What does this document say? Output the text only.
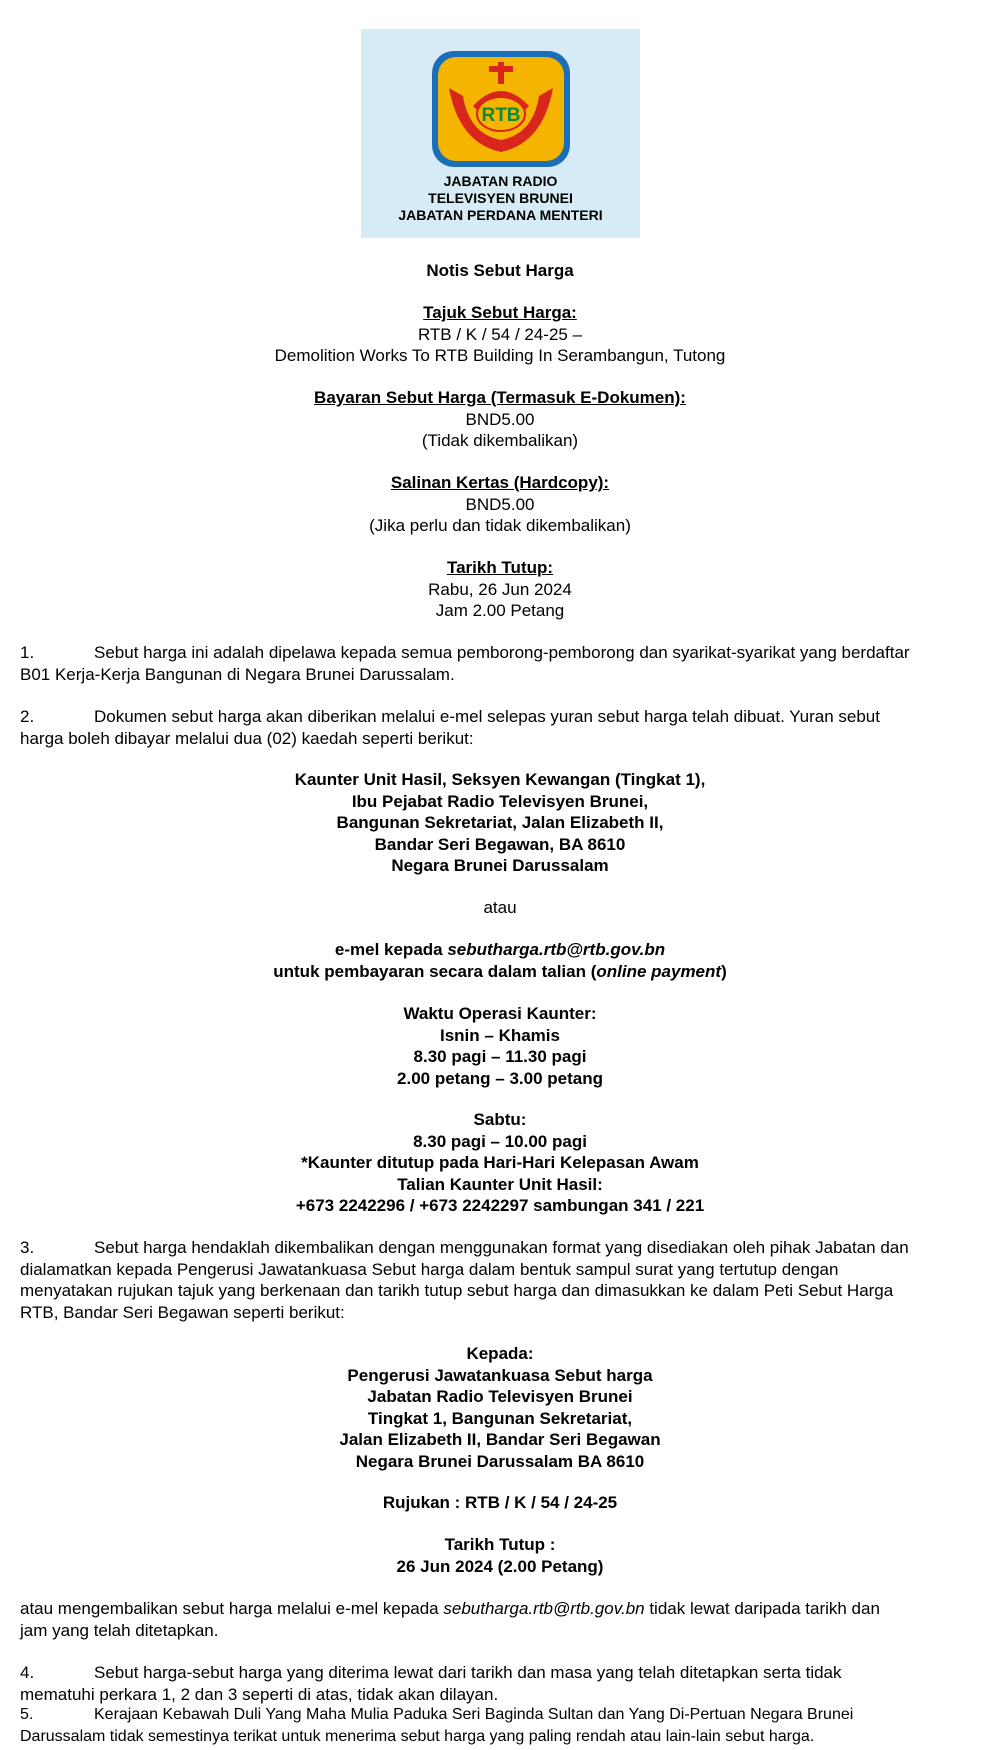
RTB
JABATAN RADIO
TELEVISYEN BRUNEI
JABATAN PERDANA MENTERI
Notis Sebut Harga
Tajuk Sebut Harga:
RTB / K / 54 / 24-25 –
Demolition Works To RTB Building In Serambangun, Tutong
Bayaran Sebut Harga (Termasuk E-Dokumen):
BND5.00
(Tidak dikembalikan)
Salinan Kertas (Hardcopy):
BND5.00
(Jika perlu dan tidak dikembalikan)
Tarikh Tutup:
Rabu, 26 Jun 2024
Jam 2.00 Petang
1.	Sebut harga ini adalah dipelawa kepada semua pemborong-pemborong dan syarikat-syarikat yang berdaftar
B01 Kerja-Kerja Bangunan di Negara Brunei Darussalam.
2.	Dokumen sebut harga akan diberikan melalui e-mel selepas yuran sebut harga telah dibuat. Yuran sebut
harga boleh dibayar melalui dua (02) kaedah seperti berikut:
Kaunter Unit Hasil, Seksyen Kewangan (Tingkat 1),
Ibu Pejabat Radio Televisyen Brunei,
Bangunan Sekretariat, Jalan Elizabeth II,
Bandar Seri Begawan, BA 8610
Negara Brunei Darussalam
atau
e-mel kepada sebutharga.rtb@rtb.gov.bn
untuk pembayaran secara dalam talian (online payment)
Waktu Operasi Kaunter:
Isnin – Khamis
8.30 pagi – 11.30 pagi
2.00 petang – 3.00 petang
Sabtu:
8.30 pagi – 10.00 pagi
*Kaunter ditutup pada Hari-Hari Kelepasan Awam
Talian Kaunter Unit Hasil:
+673 2242296 / +673 2242297 sambungan 341 / 221
3.	Sebut harga hendaklah dikembalikan dengan menggunakan format yang disediakan oleh pihak Jabatan dan
dialamatkan kepada Pengerusi Jawatankuasa Sebut harga dalam bentuk sampul surat yang tertutup dengan
menyatakan rujukan tajuk yang berkenaan dan tarikh tutup sebut harga dan dimasukkan ke dalam Peti Sebut Harga
RTB, Bandar Seri Begawan seperti berikut:
Kepada:
Pengerusi Jawatankuasa Sebut harga
Jabatan Radio Televisyen Brunei
Tingkat 1, Bangunan Sekretariat,
Jalan Elizabeth II, Bandar Seri Begawan
Negara Brunei Darussalam BA 8610
Rujukan : RTB / K / 54 / 24-25
Tarikh Tutup :
26 Jun 2024 (2.00 Petang)
atau mengembalikan sebut harga melalui e-mel kepada sebutharga.rtb@rtb.gov.bn tidak lewat daripada tarikh dan
jam yang telah ditetapkan.
4.	Sebut harga-sebut harga yang diterima lewat dari tarikh dan masa yang telah ditetapkan serta tidak
mematuhi perkara 1, 2 dan 3 seperti di atas, tidak akan dilayan.
5.	Kerajaan Kebawah Duli Yang Maha Mulia Paduka Seri Baginda Sultan dan Yang Di-Pertuan Negara Brunei
Darussalam tidak semestinya terikat untuk menerima sebut harga yang paling rendah atau lain-lain sebut harga.
